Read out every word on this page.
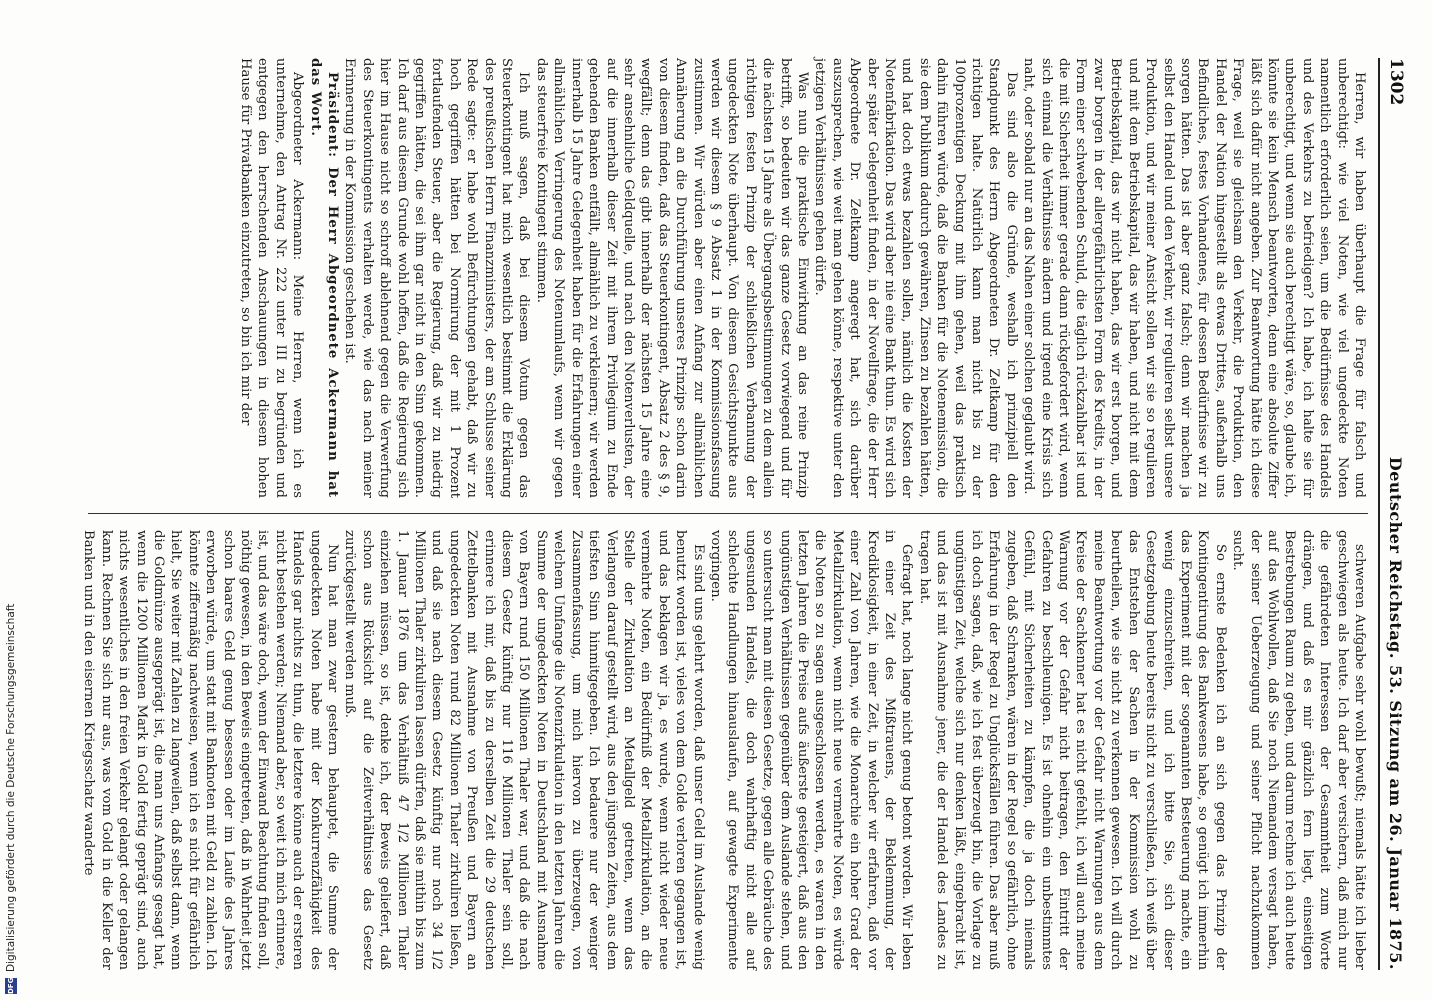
1302
Deutscher Reichstag. 53. Sitzung am 26. Januar 1875.

Herren, wir haben überhaupt die Frage für falsch und unberechtigt: wie viel Noten, wie viel ungedeckte Noten namentlich erforderlich seien, um die Bedürfnisse des Handels und des Verkehrs zu befriedigen? Ich habe, ich halte sie für unberechtigt, und wenn sie auch berechtigt wäre, so, glaube ich, könnte sie kein Mensch beantworten, denn eine absolute Ziffer läßt sich dafür nicht angeben. Zur Beantwortung hätte ich diese Frage, weil sie gleichsam den Verkehr, die Produktion, den Handel der Nation hingestellt als etwas Drittes, außerhalb uns Befindliches, festes Vorhandenes, für dessen Bedürfnisse wir zu sorgen hätten. Das ist aber ganz falsch; denn wir machen ja selbst den Handel und den Verkehr, wir regulieren selbst unsere Produktion, und wir meiner Ansicht sollen wir sie so regulieren und mit dem Betriebskapital, das wir haben, und nicht mit dem Betriebskapital, das wir nicht haben, das wir erst borgen, und zwar borgen in der allergefährlichsten Form des Kredits, in der Form einer schwebenden Schuld, die täglich rückzahlbar ist und die mit Sicherheit immer gerade dann rückgefordert wird, wenn sich einmal die Verhältnisse ändern und irgend eine Krisis sich naht, oder sobald nur an das Nahen einer solchen geglaubt wird.

Das sind also die Gründe, weshalb ich prinzipiell den Standpunkt des Herrn Abgeordneten Dr. Zeltkamp für den richtigen halte. Natürlich kann man nicht bis zu der 100prozentigen Deckung mit ihm gehen, weil das praktisch dahin führen würde, daß die Banken für die Notenemission, die sie dem Publikum dadurch gewähren, Zinsen zu bezahlen hätten, und hat doch etwas bezahlen sollen, nämlich die Kosten der Notenfabrikation. Das wird aber nie eine Bank thun. Es wird sich aber später Gelegenheit finden, in der Novellfrage, die der Herr Abgeordnete Dr. Zeltkamp angeregt hat, sich darüber auszusprechen, wie weit man gehen könne, respektive unter den jetzigen Verhältnissen gehen dürfe.

Was nun die praktische Einwirkung an das reine Prinzip betrifft, so bedeuten wir das ganze Gesetz vorwiegend und für die nächsten 15 Jahre als Übergangsbestimmungen zu dem allein richtigen festen Prinzip der schließlichen Verbannung der ungedeckten Note überhaupt. Von diesem Gesichtspunkte aus werden wir diesem § 9 Absatz 1 in der Kommissionsfassung zustimmen. Wir würden aber einen Anfang zur allmählichen Annäherung an die Durchführung unseres Prinzips schon darin von diesem finden, daß das Steuerkontingent, Absatz 2 des § 9, wegfällt; denn das gibt innerhalb der nächsten 15 Jahre eine sehr ansehnliche Geldquelle, und nach den Notenverlusten, der auf die innerhalb dieser Zeit mit ihrem Privilegium zu Ende gehenden Banken entfällt, allmählich zu verkleinern; wir werden innerhalb 15 Jahre Gelegenheit haben für die Erfahrungen einer allmählichen Verringerung des Notenumlaufs, wenn wir gegen das steuerfreie Kontingent stimmen.

Ich muß sagen, daß bei diesem Votum gegen das Steuerkontingent hat mich wesentlich bestimmt die Erklärung des preußischen Herrn Finanzministers, der am Schlusse seiner Rede sagte: er habe wohl Befürchtungen gehabt, daß wir zu hoch gegriffen hätten bei Normirung der mit 1 Prozent fortlaufenden Steuer, aber die Regierung, daß wir zu niedrig gegriffen hätten, die sei ihm gar nicht in den Sinn gekommen. Ich darf aus diesem Grunde wohl hoffen, daß die Regierung sich hier im Hause nicht so schroff ablehnend gegen die Verwerfung des Steuerkontingents verhalten werde, wie das nach meiner Erinnerung in der Kommission geschehen ist.

Präsident: Der Herr Abgeordnete Ackermann hat das Wort.

Abgeordneter Ackermann: Meine Herren, wenn ich es unternehme, den Antrag Nr. 222 unter III zu begründen und entgegen den herrschenden Anschauungen in diesem hohen Hause für Privatbanken einzutreten, so bin ich mir der

schweren Aufgabe sehr wohl bewußt; niemals hätte ich lieber geschwiegen als heute. Ich darf aber versichern, daß mich nur die gefährdeten Interessen der Gesammtheit zum Worte drängen, und daß es mir gänzlich fern liegt, einseitigen Bestrebungen Raum zu geben, und darum rechne ich auch heute auf das Wohlwollen, daß Sie noch Niemandem versagt haben, der seiner Ueberzeugung und seiner Pflicht nachzukommen sucht.

So ernste Bedenken ich an sich gegen das Prinzip der Kontingentirung des Bankwesens habe, so genügt ich immerhin das Experiment mit der sogenannten Besteuerung machte, ein wenig einzuschreiten, und ich bitte Sie, sich dieser Gesetzgebung heute bereits nicht zu verschließen, ich weiß über das Entstehen der Sachen in der Kommission wohl zu beurtheilen, wie sie nicht zu verkennen gewesen. Ich will durch meine Beantwortung vor der Gefahr nicht Warnungen aus dem Kreise der Sachkenner hat es nicht gefehlt, ich will auch meine Warnung vor der Gefahr nicht beitragen, den Eintritt der Gefahren zu beschleunigen. Es ist ohnehin ein unbestimmtes Gefühl, mit Sicherheiten zu kämpfen, die ja doch niemals zugeben, daß Schranken, wären in der Regel so gefährlich, ohne Erfahrung in der Regel zu Unglücksfällen führen. Das aber muß ich doch sagen, daß, wie ich fest überzeugt bin, die Vorlage zu ungünstigen Zeit, welche sich nur denken läßt, eingebracht ist, und das ist mit Ausnahme jener, die der Handel des Landes zu tragen hat.

Gefragt hat, noch lange nicht genug betont worden. Wir leben in einer Zeit des Mißtrauens, der Beklemmung, der Krediklosigkeit, in einer Zeit, in welcher wir erfahren, daß vor einer Zahl von Jahren, wie die Monarchie ein hoher Grad der Metallzirkulation, wenn nicht neue vermehrte Noten, es würde die Noten so zu sagen ausgeschlossen werden, es waren in den letzten Jahren die Preise aufs äußerste gesteigert, daß aus den ungünstigen Verhältnissen gegenüber dem Auslande stehen, und so untersucht man mit diesen Gesetze, gegen alle Gebräuche des ungesunden Handels, die doch wahrhaftig nicht alle auf schlechte Handlungen hinauslaufen, auf gewagte Experimente vorgingen.

Es sind uns gelehrt worden, daß unser Geld im Auslande wenig benutzt worden ist, vieles von dem Golde verloren gegangen ist, und das beklagen wir ja, es wurde, wenn nicht wieder neue vermehrte Noten, ein Bedürfniß der Metallzirkulation, an die Stelle der Zirkulation an Metallgeld getreten, wenn das Verlangen darauf gestellt wird, aus den jüngsten Zeiten, aus dem tiefsten Sinn hinmitgegeben. Ich bedauere nur der weniger Zusammenfassung, um mich hiervon zu überzeugen, von welchem Umfange die Notenzirkulation in den letzten Jahren die Summe der ungedeckten Noten in Deutschland mit Ausnahme von Bayern rund 150 Millionen Thaler war, und daß die nach diesem Gesetz künftig nur 116 Millionen Thaler sein soll, erinnere ich mir, daß bis zu derselben Zeit die 29 deutschen Zettelbanken mit Ausnahme von Preußen und Bayern an ungedeckten Noten rund 82 Millionen Thaler zirkuliren ließen, und daß sie nach diesem Gesetz künftig nur noch 34 1/2 Millionen Thaler zirkuliren lassen dürfen, daß sie mithin bis zum 1. Januar 1876 um das Verhältniß 47 1/2 Millionen Thaler einziehen müssen, so ist, denke ich, der Beweis geliefert, daß schon aus Rücksicht auf die Zeitverhältnisse das Gesetz zurückgestellt werden muß.

Nun hat man zwar gestern behauptet, die Summe der ungedeckten Noten habe mit der Konkurrenzfähigkeit des Handels gar nichts zu thun, die letztere könne auch der ersteren nicht bestehen werden; Niemand aber, so weit ich mich erinnere, ist, und das wäre doch, wenn der Einwand Beachtung finden soll, nöthig gewesen, in den Beweis eingetreten, daß in Wahrheit jetzt schon baares Geld genug besessen oder im Laufe des Jahres erworben würde, um statt mit Banknoten mit Geld zu zahlen. Ich könnte ziffermäßig nachweisen, wenn ich es nicht für gefährlich hielt, Sie weiter mit Zahlen zu langweilen, daß selbst dann, wenn die Goldmünze ausgeprägt ist, die man uns Anfangs gesagt hat, wenn die 1200 Millionen Mark in Gold fertig geprägt sind, auch nichts wesentliches in den freien Verkehr gelangt oder gelangen kann. Rechnen Sie sich nur aus, was vom Gold in die Keller der Banken und in den eisernen Kriegsschatz wanderte

DFG
Digitalisierung gefördert durch die Deutsche Forschungsgemeinschaft
